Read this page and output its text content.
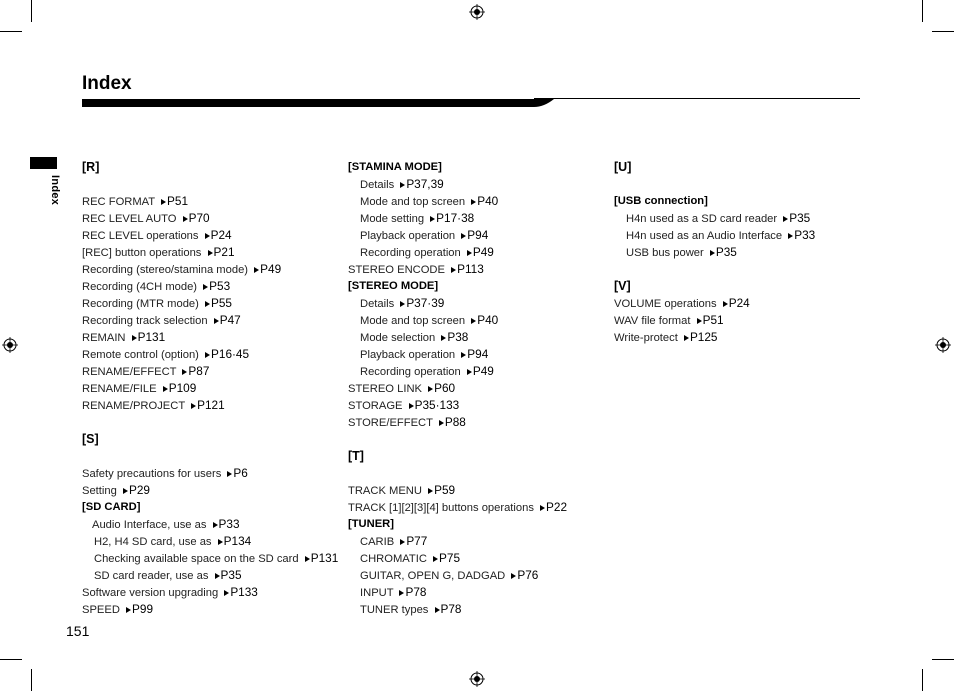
Index
Index
[R]
REC FORMAT P51
REC LEVEL AUTO P70
REC LEVEL operations P24
[REC] button operations P21
Recording (stereo/stamina mode) P49
Recording (4CH mode) P53
Recording (MTR mode) P55
Recording track selection P47
REMAIN P131
Remote control (option) P16·45
RENAME/EFFECT P87
RENAME/FILE P109
RENAME/PROJECT P121
[S]
Safety precautions for users P6
Setting P29
[SD CARD]
Audio Interface, use as P33
H2, H4 SD card, use as P134
Checking available space on the SD card P131
SD card reader, use as P35
Software version upgrading P133
SPEED P99
[STAMINA MODE]
Details P37,39
Mode and top screen P40
Mode setting P17·38
Playback operation P94
Recording operation P49
STEREO ENCODE P113
[STEREO MODE]
Details P37·39
Mode and top screen P40
Mode selection P38
Playback operation P94
Recording operation P49
STEREO LINK P60
STORAGE P35·133
STORE/EFFECT P88
[T]
TRACK MENU P59
TRACK [1][2][3][4] buttons operations P22
[TUNER]
CARIB P77
CHROMATIC P75
GUITAR, OPEN G, DADGAD P76
INPUT P78
TUNER types P78
[U]
[USB connection]
H4n used as a SD card reader P35
H4n used as an Audio Interface P33
USB bus power P35
[V]
VOLUME operations P24
WAV file format P51
Write-protect P125
151
